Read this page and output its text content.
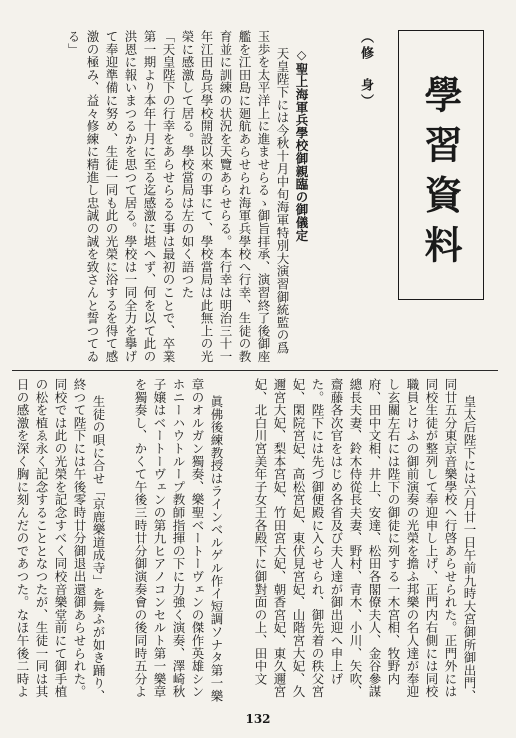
學習資料
（修　身）

◇聖上海軍兵學校御親臨の御儀定
天皇陛下には今秋十月中旬海軍特別大演習御統監の爲玉歩を太平洋上に進ませらるゝ御旨拝承、演習終了後御座艦を江田島に廻航あらせられ海軍兵學校へ行幸、生徒の教育並に訓練の状況を天覽あらせらる。本行幸は明治三十一年江田島兵學校開設以來の事にて、學校當局は此無上の光榮に感激して居る。學校當局は左の如く語つた
「天皇陛下の行幸をあらせらるる事は最初のことで、卒業第一期より本年十月に至る迄感激に堪へず、何を以て此の洪恩に報いまつるかを思つて居る。學校は一同全力を擧げて奉迎準備に努め、生徒一同も此の光榮に浴するを得て感激の極み、益々修練に精進し忠誠の誠を致さんと誓つてゐる」

皇太后陛下には六月廿一日午前九時大宮御所御出門、同廿五分東京音樂學校へ行啓あらせられた。正門外には同校生徒が整列して奉迎申し上げ、正門内右側には同校職員とけふの御前演奏の光榮を擔ふ邦樂の名人達が奉迎し玄關左右には陛下の御徒に列する一木宮相、牧野内府、田中文相、井上、安達、松田各閣僚夫人、金谷參謀總長夫妻、鈴木侍從長夫妻、野村、青木、小川、矢吹、齋藤各次官をはじめ各省及び夫人達が御出迎へ申上げた。陛下には先づ御便殿に入らせられ、御先着の秩父宮妃、閑院宮妃、高松宮妃、東伏見宮妃、山階宮大妃、久邇宮大妃、梨本宮妃、竹田宮大妃、朝香宮妃、東久邇宮妃、北白川宮美年子女王各殿下に御對面の上、田中文

眞佛後練教授はラインベルゲル作イ短調ソナタ第一樂章のオルガン獨奏、樂聖ベートーヴェンの傑作英雄シンホニーハウトループ教師指揮の下に力強く演奏、澤崎秋子嬢はベートーヴェンの第九ヒアノコンセルト第一樂章を獨奏し、かくて午後三時廿分御演奏會の後同時五分よ

生徒の唄に合せ「京鹿樂道成寺」を舞ふが如き踊り、終つて陛下には午後零時廿分御退出還御あらせられた。同校では此の光榮を記念すべく同校音樂堂前にて御手植の松を植ゑ永く記念することとなつたが、生徒一同は其日の感激を深く胸に刻んだのであつた。なほ午後二時よ

132
